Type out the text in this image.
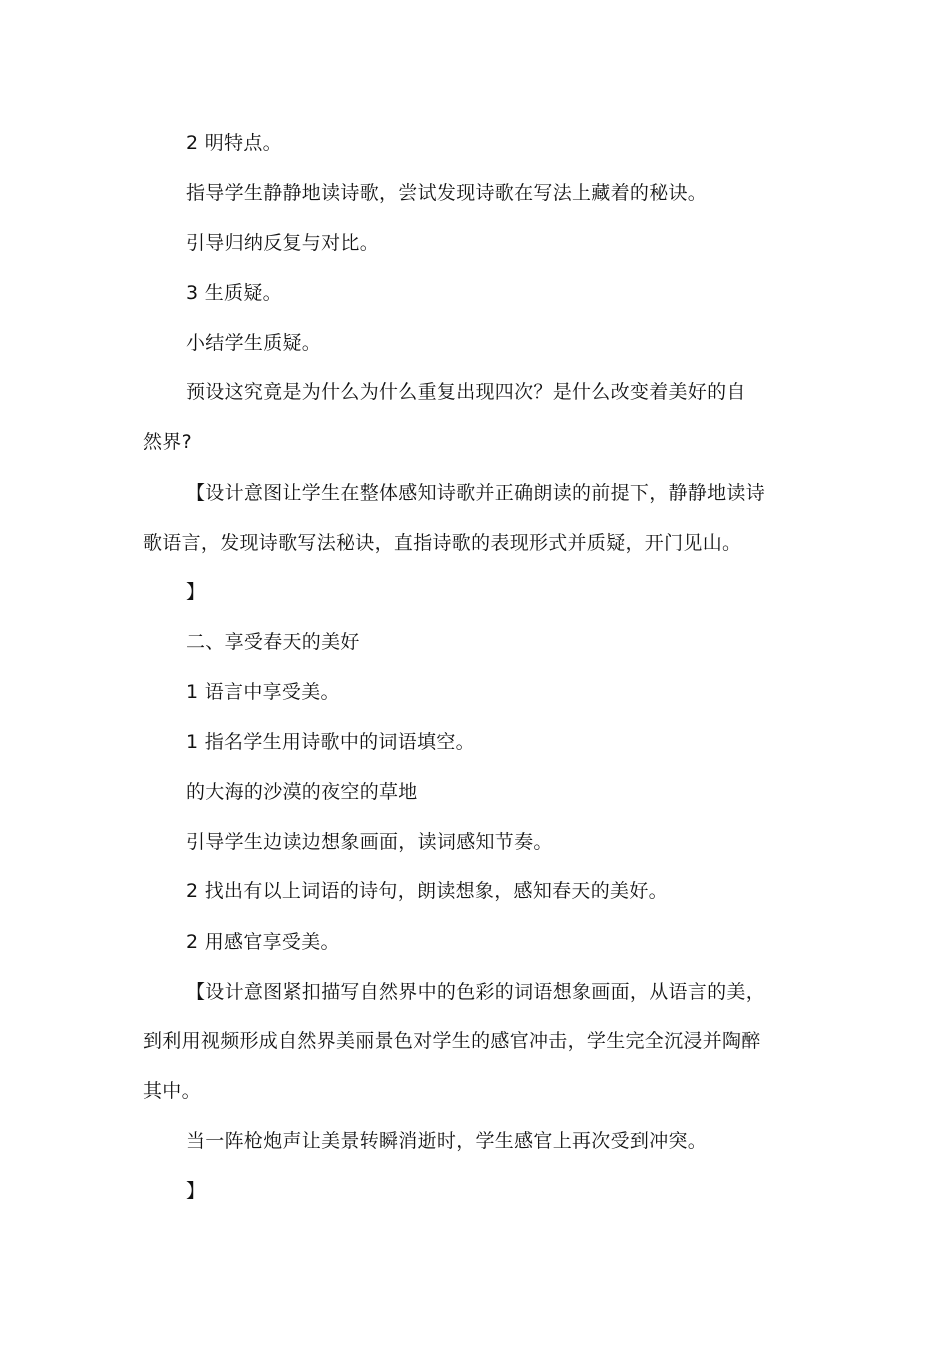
2 明特点。
指导学生静静地读诗歌，尝试发现诗歌在写法上藏着的秘诀。
引导归纳反复与对比。
3 生质疑。
小结学生质疑。
预设这究竟是为什么为什么重复出现四次？是什么改变着美好的自
然界?
【设计意图让学生在整体感知诗歌并正确朗读的前提下，静静地读诗
歌语言，发现诗歌写法秘诀，直指诗歌的表现形式并质疑，开门见山。
】
二、享受春天的美好
1 语言中享受美。
1 指名学生用诗歌中的词语填空。
的大海的沙漠的夜空的草地
引导学生边读边想象画面，读词感知节奏。
2 找出有以上词语的诗句，朗读想象，感知春天的美好。
2 用感官享受美。
【设计意图紧扣描写自然界中的色彩的词语想象画面，从语言的美，
到利用视频形成自然界美丽景色对学生的感官冲击，学生完全沉浸并陶醉
其中。
当一阵枪炮声让美景转瞬消逝时，学生感官上再次受到冲突。
】
